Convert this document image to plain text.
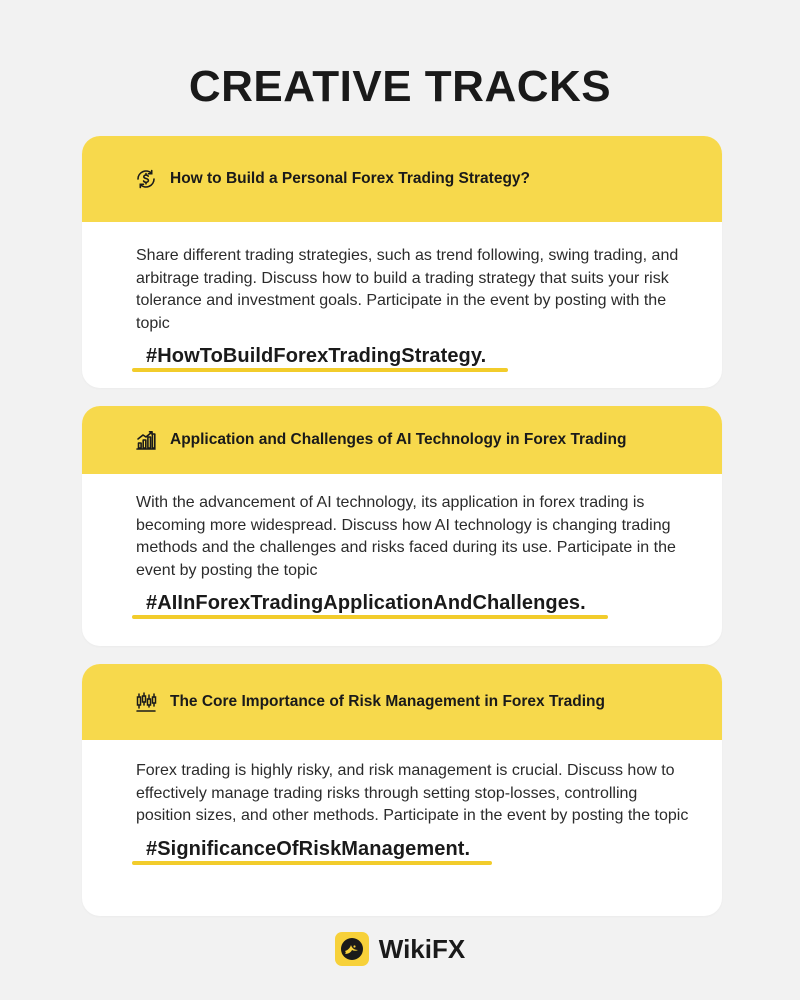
CREATIVE TRACKS
How to Build a Personal Forex Trading Strategy?

Share different trading strategies, such as trend following, swing trading, and arbitrage trading. Discuss how to build a trading strategy that suits your risk tolerance and investment goals. Participate in the event by posting with the topic

#HowToBuildForexTradingStrategy.
Application and Challenges of AI Technology in Forex Trading

With the advancement of AI technology, its application in forex trading is becoming more widespread. Discuss how AI technology is changing trading methods and the challenges and risks faced during its use. Participate in the event by posting the topic

#AIInForexTradingApplicationAndChallenges.
The Core Importance of Risk Management in Forex Trading

Forex trading is highly risky, and risk management is crucial. Discuss how to effectively manage trading risks through setting stop-losses, controlling position sizes, and other methods. Participate in the event by posting the topic

#SignificanceOfRiskManagement.
WikiFX
